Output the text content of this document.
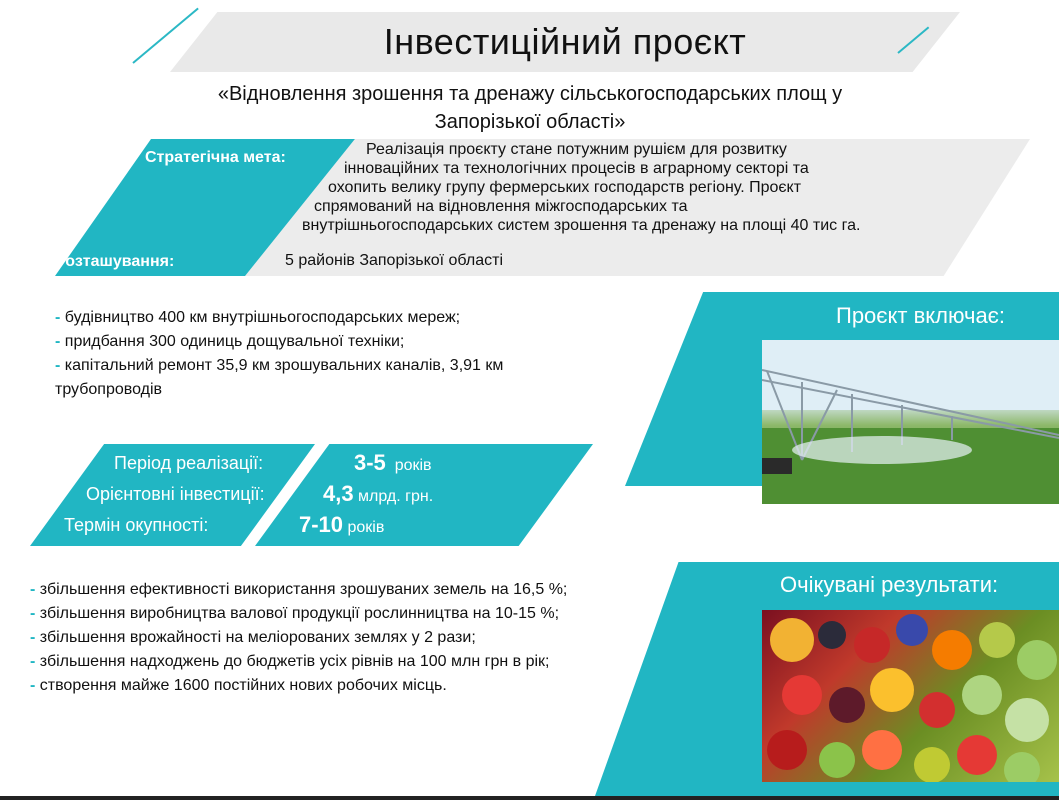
Інвестиційний проєкт
«Відновлення зрошення та дренажу сільськогосподарських площ у
Запорізької області»
Стратегічна мета:
Розташування:
Реалізація проєкту стане потужним рушієм для розвитку
інноваційних та технологічних процесів в аграрному секторі та
охопить велику групу фермерських господарств регіону. Проєкт
спрямований на відновлення міжгосподарських та
внутрішньогосподарських систем зрошення та дренажу на площі 40 тис га.
5 районів Запорізької області
- будівництво 400 км внутрішньогосподарських мереж;
- придбання 300 одиниць дощувальної техніки;
- капітальний ремонт 35,9 км зрошувальних каналів, 3,91 км
трубопроводів
Проєкт включає:
Період реалізації:
Орієнтовні інвестиції:
Термін окупності:
3-5 років
4,3 млрд. грн.
7-10 років
- збільшення ефективності використання зрошуваних земель на 16,5 %;
- збільшення виробництва валової продукції рослинництва на 10-15 %;
- збільшення врожайності на меліорованих землях у 2 рази;
- збільшення надходжень до бюджетів усіх рівнів на 100 млн грн в рік;
- створення майже 1600 постійних нових робочих місць.
Очікувані результати:
